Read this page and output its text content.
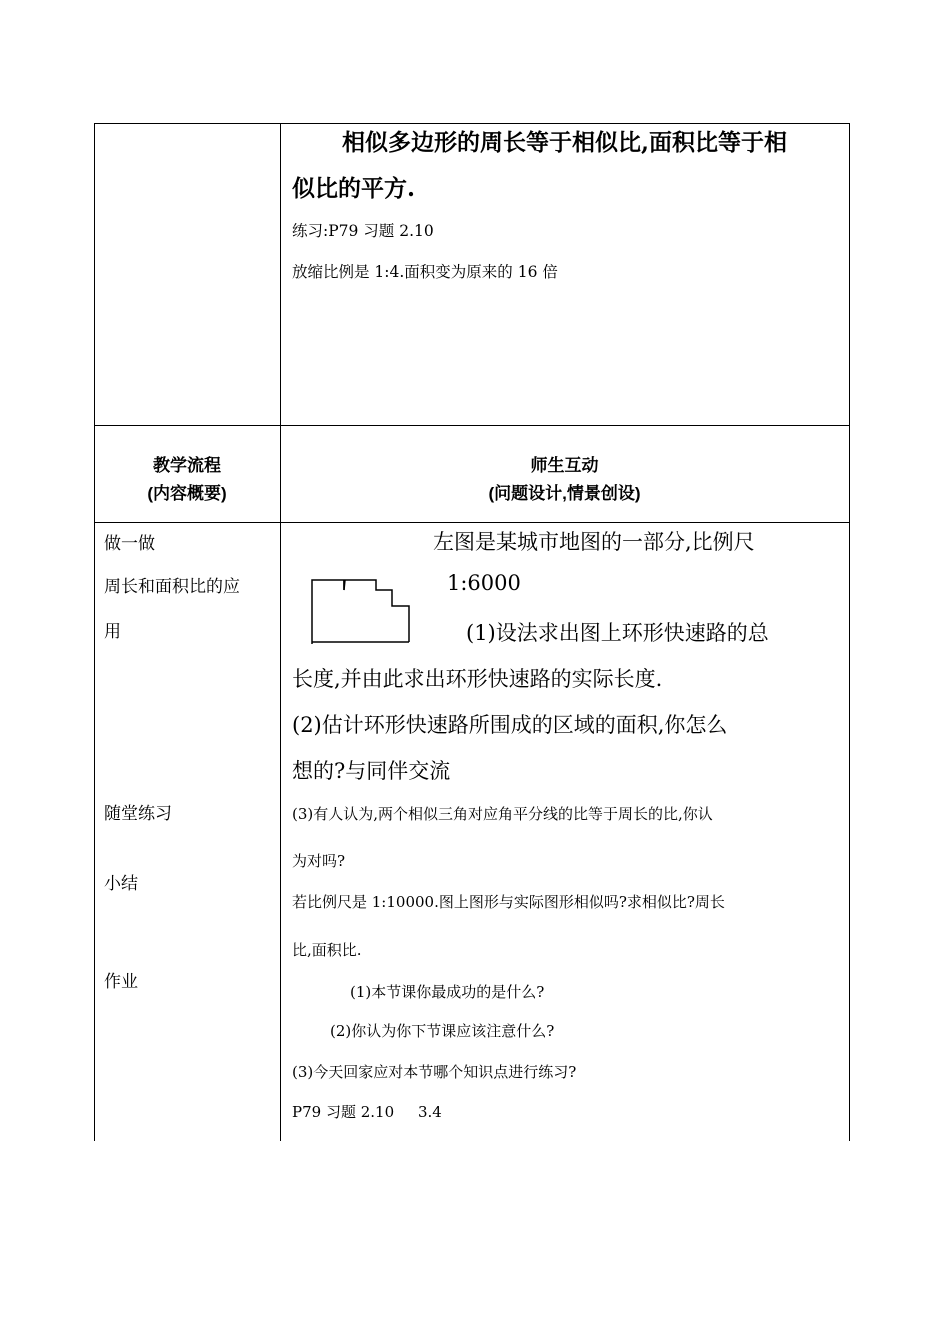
相似多边形的周长等于相似比,面积比等于相
似比的平方.
练习:P79 习题 2.10
放缩比例是 1:4.面积变为原来的 16 倍
教学流程
(内容概要)
师生互动
(问题设计,情景创设)
做一做
周长和面积比的应
用
随堂练习
小结
作业
左图是某城市地图的一部分,比例尺
1:6000
(1)设法求出图上环形快速路的总
长度,并由此求出环形快速路的实际长度.
(2)估计环形快速路所围成的区域的面积,你怎么
想的?与同伴交流
(3)有人认为,两个相似三角对应角平分线的比等于周长的比,你认
为对吗?
若比例尺是 1:10000.图上图形与实际图形相似吗?求相似比?周长
比,面积比.
(1)本节课你最成功的是什么?
(2)你认为你下节课应该注意什么?
(3)今天回家应对本节哪个知识点进行练习?
P79 习题 2.10     3.4
